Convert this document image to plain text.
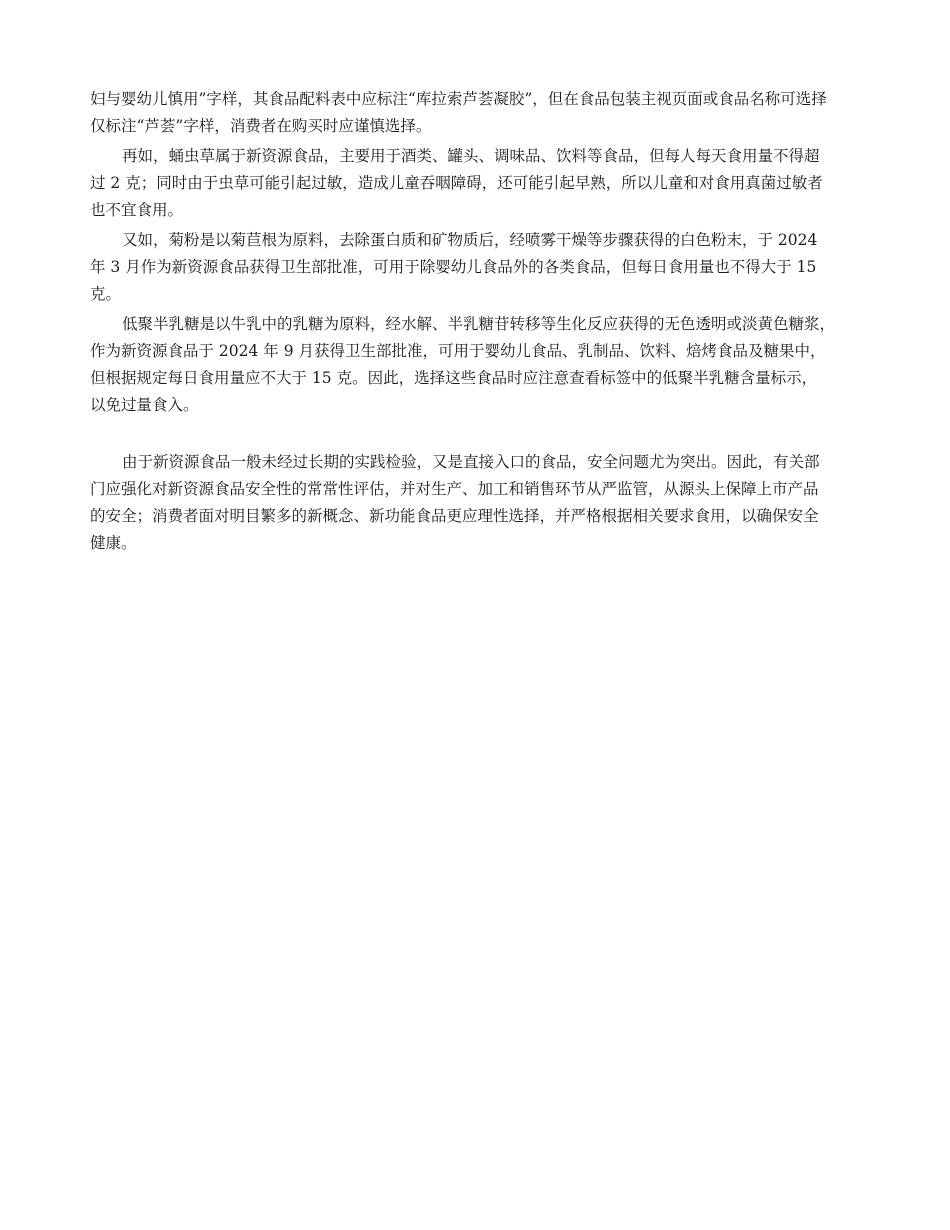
妇与婴幼儿慎用”字样，其食品配料表中应标注“库拉索芦荟凝胶”，但在食品包装主视页面或食品名称可选择
仅标注“芦荟”字样，消费者在购买时应谨慎选择。
再如，蛹虫草属于新资源食品，主要用于酒类、罐头、调味品、饮料等食品，但每人每天食用量不得超
过 2 克；同时由于虫草可能引起过敏，造成儿童吞咽障碍，还可能引起早熟，所以儿童和对食用真菌过敏者
也不宜食用。
又如，菊粉是以菊苣根为原料，去除蛋白质和矿物质后，经喷雾干燥等步骤获得的白色粉末，于 2024
年 3 月作为新资源食品获得卫生部批准，可用于除婴幼儿食品外的各类食品，但每日食用量也不得大于 15
克。
低聚半乳糖是以牛乳中的乳糖为原料，经水解、半乳糖苷转移等生化反应获得的无色透明或淡黄色糖浆，
作为新资源食品于 2024 年 9 月获得卫生部批准，可用于婴幼儿食品、乳制品、饮料、焙烤食品及糖果中，
但根据规定每日食用量应不大于 15 克。因此，选择这些食品时应注意查看标签中的低聚半乳糖含量标示，
以免过量食入。
由于新资源食品一般未经过长期的实践检验，又是直接入口的食品，安全问题尤为突出。因此，有关部
门应强化对新资源食品安全性的常常性评估，并对生产、加工和销售环节从严监管，从源头上保障上市产品
的安全；消费者面对明目繁多的新概念、新功能食品更应理性选择，并严格根据相关要求食用，以确保安全
健康。
